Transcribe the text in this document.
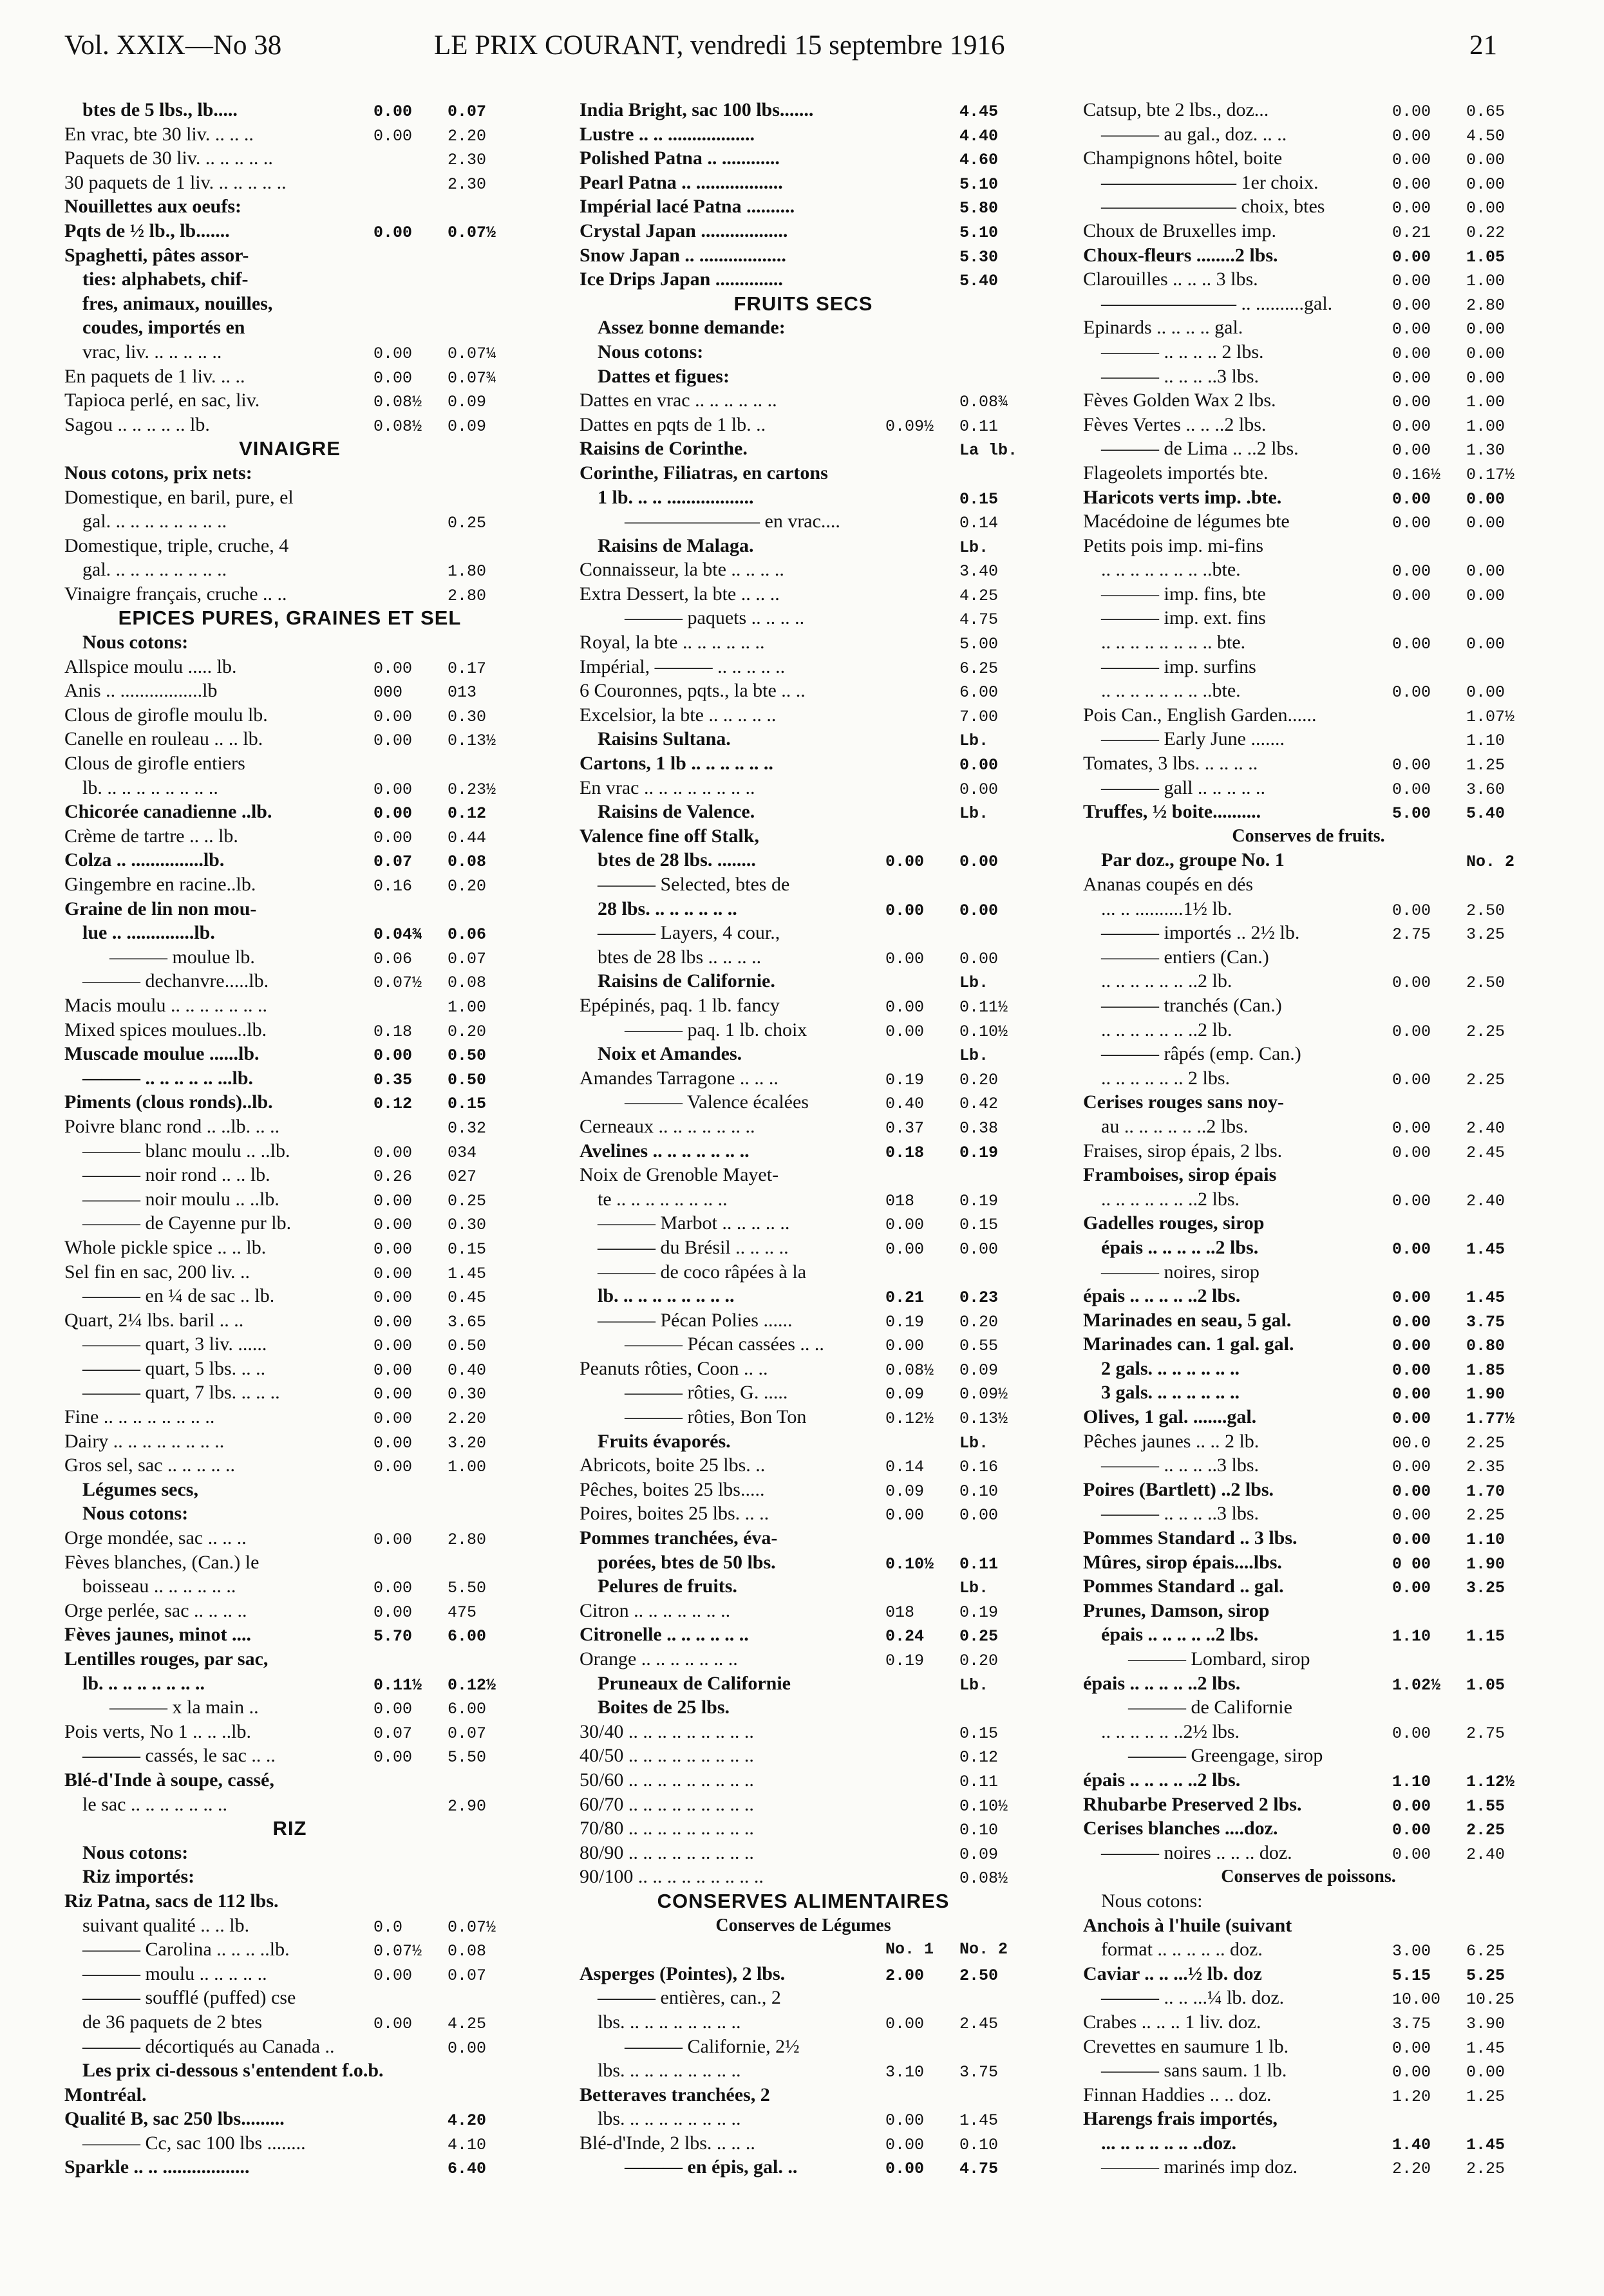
Vol. XXIX—No 38	LE PRIX COURANT, vendredi 15 septembre 1916	21
btes de 5 lbs., lb.....	0.00	0.07
En vrac, bte 30 liv. .. .. ..	0.00	2.20
Paquets de 30 liv. .. .. .. .. ..	2.30
30 paquets de 1 liv. .. .. .. .. ..	2.30
Nouillettes aux oeufs:
Pqts de ½ lb., lb.......	0.00	0.07½
Spaghetti, pâtes assor-
ties: alphabets, chif-
fres, animaux, nouilles,
coudes, importés en
vrac, liv. .. .. .. .. ..	0.00	0.07¼
En paquets de 1 liv. .. ..	0.00	0.07¾
Tapioca perlé, en sac, liv.	0.08½	0.09
Sagou .. .. .. .. .. lb.	0.08½	0.09
VINAIGRE
Nous cotons, prix nets:
Domestique, en baril, pure, el
gal. .. .. .. .. .. .. .. ..	0.25
Domestique, triple, cruche, 4
gal. .. .. .. .. .. .. .. ..	1.80
Vinaigre français, cruche .. ..	2.80
EPICES PURES, GRAINES ET SEL
Nous cotons:
Allspice moulu ..... lb.	0.00	0.17
Anis .. .................lb	000	013
Clous de girofle moulu lb.	0.00	0.30
Canelle en rouleau .. .. lb.	0.00	0.13½
Clous de girofle entiers
lb. .. .. .. .. .. .. .. ..	0.00	0.23½
Chicorée canadienne ..lb.	0.00	0.12
Crème de tartre .. .. lb.	0.00	0.44
Colza .. ...............lb.	0.07	0.08
Gingembre en racine..lb.	0.16	0.20
Graine de lin non mou-
lue .. ..............lb.	0.04¾	0.06
——— moulue lb.	0.06	0.07
——— dechanvre.....lb.	0.07½	0.08
Macis moulu .. .. .. .. .. .. ..	1.00
Mixed spices moulues..lb.	0.18	0.20
Muscade moulue ......lb.	0.00	0.50
——— .. .. .. .. .. ...lb.	0.35	0.50
Piments (clous ronds)..lb.	0.12	0.15
Poivre blanc rond .. ..lb. .. ..	0.32
——— blanc moulu .. ..lb.	0.00	034
——— noir rond .. .. lb.	0.26	027
——— noir moulu .. ..lb.	0.00	0.25
——— de Cayenne pur lb.	0.00	0.30
Whole pickle spice .. .. lb.	0.00	0.15
Sel fin en sac, 200 liv. ..	0.00	1.45
——— en ¼ de sac .. lb.	0.00	0.45
Quart, 2¼ lbs. baril .. ..	0.00	3.65
——— quart, 3 liv. ......	0.00	0.50
——— quart, 5 lbs. .. ..	0.00	0.40
——— quart, 7 lbs. .. .. ..	0.00	0.30
Fine .. .. .. .. .. .. .. ..	0.00	2.20
Dairy .. .. .. .. .. .. .. ..	0.00	3.20
Gros sel, sac .. .. .. .. ..	0.00	1.00
Légumes secs,
Nous cotons:
Orge mondée, sac .. .. ..	0.00	2.80
Fèves blanches, (Can.) le
boisseau .. .. .. .. .. ..	0.00	5.50
Orge perlée, sac .. .. .. ..	0.00	475
Fèves jaunes, minot ....	5.70	6.00
Lentilles rouges, par sac,
lb. .. .. .. .. .. .. ..	0.11½	0.12½
——— x la main ..	0.00	6.00
Pois verts, No 1 .. .. ..lb.	0.07	0.07
——— cassés, le sac .. ..	0.00	5.50
Blé-d'Inde à soupe, cassé,
le sac .. .. .. .. .. .. ..	2.90
RIZ
Nous cotons:
Riz importés:
Riz Patna, sacs de 112 lbs.
suivant qualité .. .. lb.	0.0	0.07½
——— Carolina .. .. .. ..lb.	0.07½	0.08
——— moulu .. .. .. .. ..	0.00	0.07
——— soufflé (puffed) cse
de 36 paquets de 2 btes	0.00	4.25
——— décortiqués au Canada ..	0.00
Les prix ci-dessous s'entendent f.o.b.
Montréal.
Qualité B, sac 250 lbs.........	4.20
——— Cc, sac 100 lbs ........	4.10
Sparkle .. .. ..................	6.40
India Bright, sac 100 lbs.......	4.45
Lustre .. .. ..................	4.40
Polished Patna .. ............	4.60
Pearl Patna .. ..................	5.10
Impérial lacé Patna ..........	5.80
Crystal Japan ..................	5.10
Snow Japan .. ..................	5.30
Ice Drips Japan ..............	5.40
FRUITS SECS
Assez bonne demande:
Nous cotons:
Dattes et figues:
Dattes en vrac .. .. .. .. .. ..	0.08¾
Dattes en pqts de 1 lb. ..	0.09½	0.11
Raisins de Corinthe.	La lb.
Corinthe, Filiatras, en cartons
1 lb. .. .. ..................	0.15
——————— en vrac....	0.14
Raisins de Malaga.	Lb.
Connaisseur, la bte .. .. .. ..	3.40
Extra Dessert, la bte .. .. ..	4.25
——— paquets .. .. .. ..	4.75
Royal, la bte .. .. .. .. .. ..	5.00
Impérial, ——— .. .. .. .. ..	6.25
6 Couronnes, pqts., la bte .. ..	6.00
Excelsior, la bte .. .. .. .. ..	7.00
Raisins Sultana.	Lb.
Cartons, 1 lb .. .. .. .. .. ..	0.00
En vrac .. .. .. .. .. .. .. ..	0.00
Raisins de Valence.	Lb.
Valence fine off Stalk,
btes de 28 lbs. ........	0.00	0.00
——— Selected, btes de
28 lbs. .. .. .. .. .. ..	0.00	0.00
——— Layers, 4 cour.,
btes de 28 lbs .. .. .. ..	0.00	0.00
Raisins de Californie.	Lb.
Epépinés, paq. 1 lb. fancy	0.00	0.11½
——— paq. 1 lb. choix	0.00	0.10½
Noix et Amandes.	Lb.
Amandes Tarragone .. .. ..	0.19	0.20
——— Valence écalées	0.40	0.42
Cerneaux .. .. .. .. .. .. ..	0.37	0.38
Avelines .. .. .. .. .. .. ..	0.18	0.19
Noix de Grenoble Mayet-
te .. .. .. .. .. .. .. ..	018	0.19
——— Marbot .. .. .. .. ..	0.00	0.15
——— du Brésil .. .. .. ..	0.00	0.00
——— de coco râpées à la
lb. .. .. .. .. .. .. .. ..	0.21	0.23
——— Pécan Polies ......	0.19	0.20
——— Pécan cassées .. ..	0.00	0.55
Peanuts rôties, Coon .. ..	0.08½	0.09
——— rôties, G. .....	0.09	0.09½
——— rôties, Bon Ton	0.12½	0.13½
Fruits évaporés.	Lb.
Abricots, boite 25 lbs. ..	0.14	0.16
Pêches, boites 25 lbs.....	0.09	0.10
Poires, boites 25 lbs. .. ..	0.00	0.00
Pommes tranchées, éva-
porées, btes de 50 lbs.	0.10½	0.11
Pelures de fruits.	Lb.
Citron .. .. .. .. .. .. ..	018	0.19
Citronelle .. .. .. .. .. ..	0.24	0.25
Orange .. .. .. .. .. .. ..	0.19	0.20
Pruneaux de Californie	Lb.
Boites de 25 lbs.
30/40 .. .. .. .. .. .. .. .. ..	0.15
40/50 .. .. .. .. .. .. .. .. ..	0.12
50/60 .. .. .. .. .. .. .. .. ..	0.11
60/70 .. .. .. .. .. .. .. .. ..	0.10½
70/80 .. .. .. .. .. .. .. .. ..	0.10
80/90 .. .. .. .. .. .. .. .. ..	0.09
90/100 .. .. .. .. .. .. .. .. ..	0.08½
CONSERVES ALIMENTAIRES
Conserves de Légumes
No. 1	No. 2
Asperges (Pointes), 2 lbs.	2.00	2.50
——— entières, can., 2
lbs. .. .. .. .. .. .. .. ..	0.00	2.45
——— Californie, 2½
lbs. .. .. .. .. .. .. .. ..	3.10	3.75
Betteraves tranchées, 2
lbs. .. .. .. .. .. .. .. ..	0.00	1.45
Blé-d'Inde, 2 lbs. .. .. ..	0.00	0.10
——— en épis, gal. ..	0.00	4.75
Catsup, bte 2 lbs., doz...	0.00	0.65
——— au gal., doz. .. ..	0.00	4.50
Champignons hôtel, boite	0.00	0.00
——————— 1er choix.	0.00	0.00
——————— choix, btes	0.00	0.00
Choux de Bruxelles imp.	0.21	0.22
Choux-fleurs ........2 lbs.	0.00	1.05
Clarouilles .. .. .. 3 lbs.	0.00	1.00
——————— .. ..........gal.	0.00	2.80
Epinards .. .. .. .. gal.	0.00	0.00
——— .. .. .. .. 2 lbs.	0.00	0.00
——— .. .. .. ..3 lbs.	0.00	0.00
Fèves Golden Wax 2 lbs.	0.00	1.00
Fèves Vertes .. .. ..2 lbs.	0.00	1.00
——— de Lima .. ..2 lbs.	0.00	1.30
Flageolets importés bte.	0.16½	0.17½
Haricots verts imp. .bte.	0.00	0.00
Macédoine de légumes bte	0.00	0.00
Petits pois imp. mi-fins
.. .. .. .. .. .. .. ..bte.	0.00	0.00
——— imp. fins, bte	0.00	0.00
——— imp. ext. fins
.. .. .. .. .. .. .. .. bte.	0.00	0.00
——— imp. surfins
.. .. .. .. .. .. .. ..bte.	0.00	0.00
Pois Can., English Garden......	1.07½
——— Early June .......	1.10
Tomates, 3 lbs. .. .. .. ..	0.00	1.25
——— gall .. .. .. .. ..	0.00	3.60
Truffes, ½ boite..........	5.00	5.40
Conserves de fruits.
Par doz., groupe No. 1	No. 2
Ananas coupés en dés
... .. ..........1½ lb.	0.00	2.50
——— importés .. 2½ lb.	2.75	3.25
——— entiers (Can.)
.. .. .. .. .. .. ..2 lb.	0.00	2.50
——— tranchés (Can.)
.. .. .. .. .. .. ..2 lb.	0.00	2.25
——— râpés (emp. Can.)
.. .. .. .. .. .. 2 lbs.	0.00	2.25
Cerises rouges sans noy-
au .. .. .. .. .. ..2 lbs.	0.00	2.40
Fraises, sirop épais, 2 lbs.	0.00	2.45
Framboises, sirop épais
.. .. .. .. .. .. ..2 lbs.	0.00	2.40
Gadelles rouges, sirop
épais .. .. .. .. ..2 lbs.	0.00	1.45
——— noires, sirop
épais .. .. .. .. ..2 lbs.	0.00	1.45
Marinades en seau, 5 gal.	0.00	3.75
Marinades can. 1 gal. gal.	0.00	0.80
2 gals. .. .. .. .. .. ..	0.00	1.85
3 gals. .. .. .. .. .. ..	0.00	1.90
Olives, 1 gal. .......gal.	0.00	1.77½
Pêches jaunes .. .. 2 lb.	00.0	2.25
——— .. .. .. ..3 lbs.	0.00	2.35
Poires (Bartlett) ..2 lbs.	0.00	1.70
——— .. .. .. ..3 lbs.	0.00	2.25
Pommes Standard .. 3 lbs.	0.00	1.10
Mûres, sirop épais....lbs.	0 00	1.90
Pommes Standard .. gal.	0.00	3.25
Prunes, Damson, sirop
épais .. .. .. .. ..2 lbs.	1.10	1.15
——— Lombard, sirop
épais .. .. .. .. ..2 lbs.	1.02½	1.05
——— de Californie
.. .. .. .. .. ..2½ lbs.	0.00	2.75
——— Greengage, sirop
épais .. .. .. .. ..2 lbs.	1.10	1.12½
Rhubarbe Preserved 2 lbs.	0.00	1.55
Cerises blanches ....doz.	0.00	2.25
——— noires .. .. .. doz.	0.00	2.40
Conserves de poissons.
Nous cotons:
Anchois à l'huile (suivant
format .. .. .. .. .. doz.	3.00	6.25
Caviar .. .. ...½ lb. doz	5.15	5.25
——— .. .. ...¼ lb. doz.	10.00	10.25
Crabes .. .. .. 1 liv. doz.	3.75	3.90
Crevettes en saumure 1 lb.	0.00	1.45
——— sans saum. 1 lb.	0.00	0.00
Finnan Haddies .. .. doz.	1.20	1.25
Harengs frais importés,
... .. .. .. .. .. ..doz.	1.40	1.45
——— marinés imp doz.	2.20	2.25
